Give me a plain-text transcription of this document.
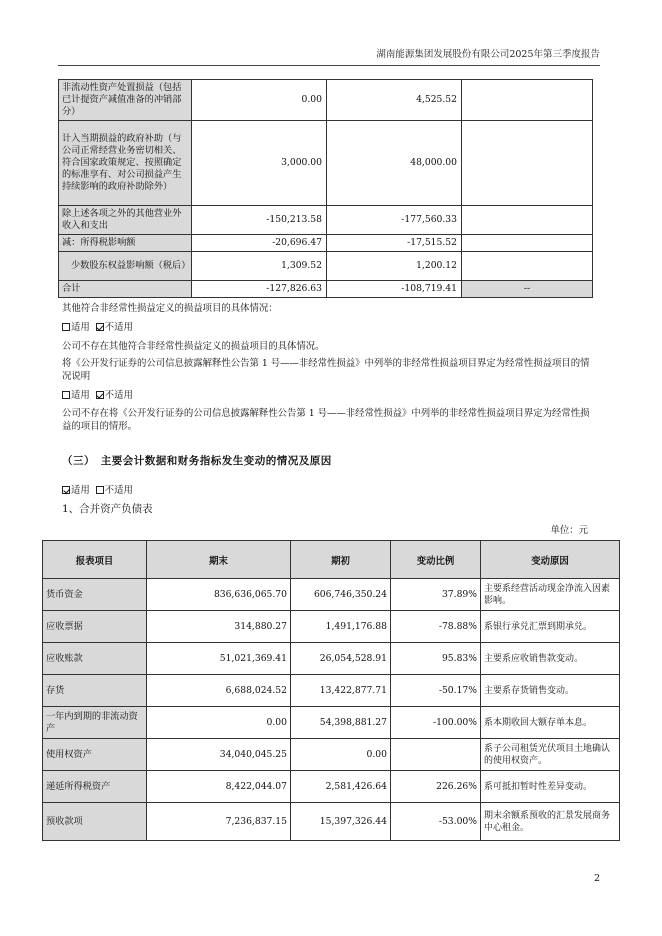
湖南能源集团发展股份有限公司2025年第三季度报告
非流动性资产处置损益（包括已计提资产减值准备的冲销部分）	0.00	4,525.52	
计入当期损益的政府补助（与公司正常经营业务密切相关、符合国家政策规定、按照确定的标准享有、对公司损益产生持续影响的政府补助除外）	3,000.00	48,000.00	
除上述各项之外的其他营业外收入和支出	-150,213.58	-177,560.33	
减：所得税影响额	-20,696.47	-17,515.52	
少数股东权益影响额（税后）	1,309.52	1,200.12	
合计	-127,826.63	-108,719.41	--
其他符合非经常性损益定义的损益项目的具体情况：
适用 不适用
公司不存在其他符合非经常性损益定义的损益项目的具体情况。
将《公开发行证券的公司信息披露解释性公告第 1 号——非经常性损益》中列举的非经常性损益项目界定为经常性损益项目的情况说明
适用 不适用
公司不存在将《公开发行证券的公司信息披露解释性公告第 1 号——非经常性损益》中列举的非经常性损益项目界定为经常性损益的项目的情形。
（三）　主要会计数据和财务指标发生变动的情况及原因
适用 不适用
1、合并资产负债表
单位：元
报表项目	期末	期初	变动比例	变动原因
货币资金	836,636,065.70	606,746,350.24	37.89%	主要系经营活动现金净流入因素影响。
应收票据	314,880.27	1,491,176.88	-78.88%	系银行承兑汇票到期承兑。
应收账款	51,021,369.41	26,054,528.91	95.83%	主要系应收销售款变动。
存货	6,688,024.52	13,422,877.71	-50.17%	主要系存货销售变动。
一年内到期的非流动资产	0.00	54,398,881.27	-100.00%	系本期收回大额存单本息。
使用权资产	34,040,045.25	0.00		系子公司租赁光伏项目土地确认的使用权资产。
递延所得税资产	8,422,044.07	2,581,426.64	226.26%	系可抵扣暂时性差异变动。
预收款项	7,236,837.15	15,397,326.44	-53.00%	期末余额系预收的汇景发展商务中心租金。
2
